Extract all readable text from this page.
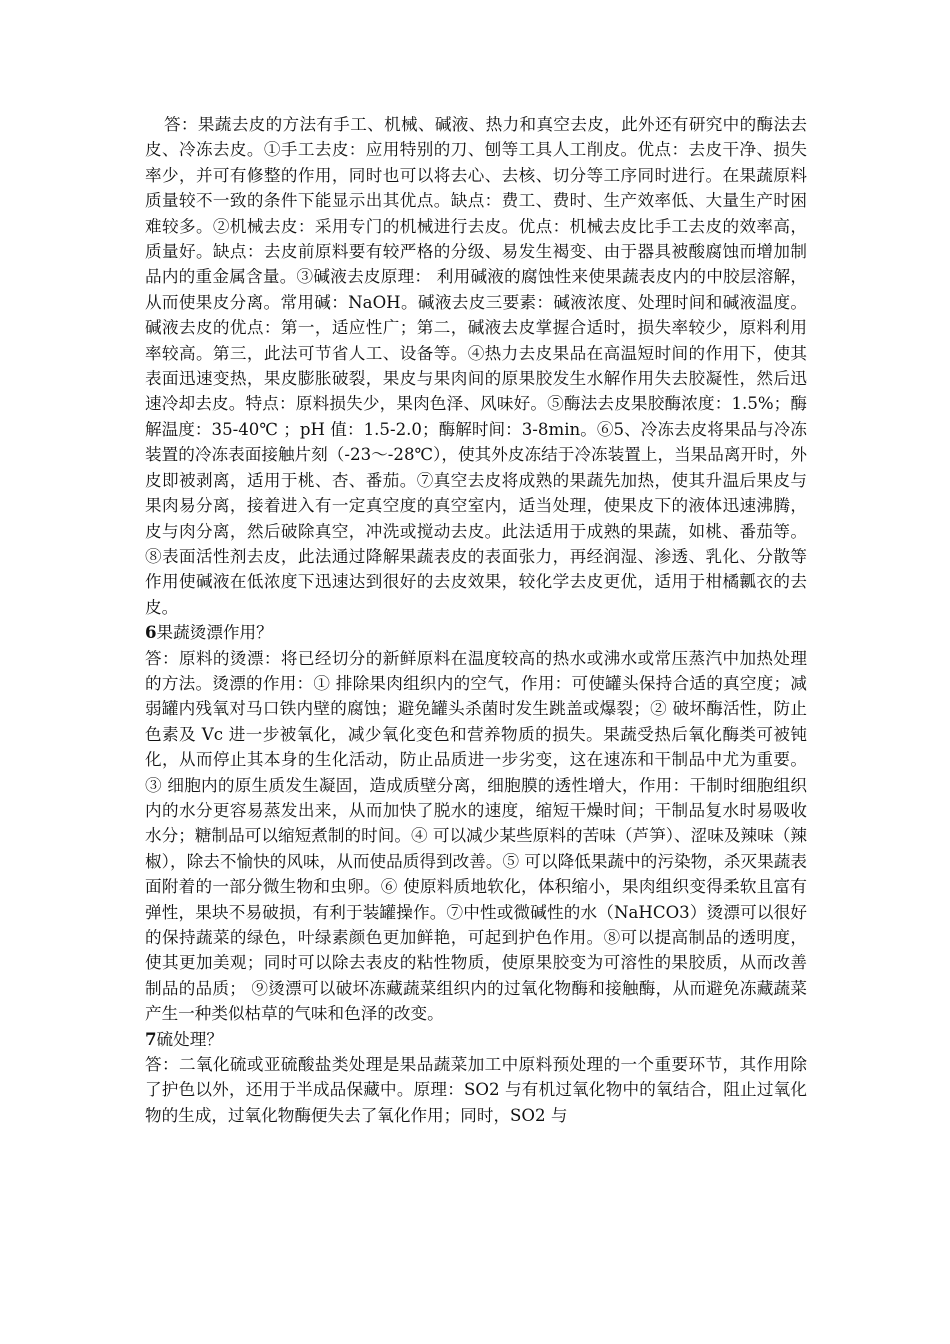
答：果蔬去皮的方法有手工、机械、碱液、热力和真空去皮，此外还有研究中的酶法去皮、冷冻去皮。①手工去皮：应用特别的刀、刨等工具人工削皮。优点：去皮干净、损失率少，并可有修整的作用，同时也可以将去心、去核、切分等工序同时进行。在果蔬原料质量较不一致的条件下能显示出其优点。缺点：费工、费时、生产效率低、大量生产时困难较多。②机械去皮：采用专门的机械进行去皮。优点：机械去皮比手工去皮的效率高，质量好。缺点：去皮前原料要有较严格的分级、易发生褐变、由于器具被酸腐蚀而增加制品内的重金属含量。③碱液去皮原理： 利用碱液的腐蚀性来使果蔬表皮内的中胶层溶解，从而使果皮分离。常用碱：NaOH。碱液去皮三要素：碱液浓度、处理时间和碱液温度。碱液去皮的优点：第一，适应性广；第二，碱液去皮掌握合适时，损失率较少，原料利用率较高。第三，此法可节省人工、设备等。④热力去皮果品在高温短时间的作用下，使其表面迅速变热，果皮膨胀破裂，果皮与果肉间的原果胶发生水解作用失去胶凝性，然后迅速冷却去皮。特点：原料损失少，果肉色泽、风味好。⑤酶法去皮果胶酶浓度：1.5%；酶解温度：35-40℃ ；pH 值：1.5-2.0；酶解时间：3-8min。⑥5、冷冻去皮将果品与冷冻装置的冷冻表面接触片刻（-23～-28℃），使其外皮冻结于冷冻装置上，当果品离开时，外皮即被剥离，适用于桃、杏、番茄。⑦真空去皮将成熟的果蔬先加热，使其升温后果皮与果肉易分离，接着进入有一定真空度的真空室内，适当处理，使果皮下的液体迅速沸腾，皮与肉分离，然后破除真空，冲洗或搅动去皮。此法适用于成熟的果蔬，如桃、番茄等。⑧表面活性剂去皮，此法通过降解果蔬表皮的表面张力，再经润湿、渗透、乳化、分散等作用使碱液在低浓度下迅速达到很好的去皮效果，较化学去皮更优，适用于柑橘瓤衣的去皮。

6果蔬烫漂作用？

答：原料的烫漂：将已经切分的新鲜原料在温度较高的热水或沸水或常压蒸汽中加热处理的方法。烫漂的作用：① 排除果肉组织内的空气，作用：可使罐头保持合适的真空度；减弱罐内残氧对马口铁内壁的腐蚀；避免罐头杀菌时发生跳盖或爆裂；② 破坏酶活性，防止色素及 Vc 进一步被氧化，减少氧化变色和营养物质的损失。果蔬受热后氧化酶类可被钝化，从而停止其本身的生化活动，防止品质进一步劣变，这在速冻和干制品中尤为重要。③ 细胞内的原生质发生凝固，造成质壁分离，细胞膜的透性增大，作用：干制时细胞组织内的水分更容易蒸发出来，从而加快了脱水的速度，缩短干燥时间；干制品复水时易吸收水分；糖制品可以缩短煮制的时间。④ 可以减少某些原料的苦味（芦笋）、涩味及辣味（辣椒），除去不愉快的风味，从而使品质得到改善。⑤ 可以降低果蔬中的污染物，杀灭果蔬表面附着的一部分微生物和虫卵。⑥ 使原料质地软化，体积缩小，果肉组织变得柔软且富有弹性，果块不易破损，有利于装罐操作。⑦中性或微碱性的水（NaHCO3）烫漂可以很好的保持蔬菜的绿色，叶绿素颜色更加鲜艳，可起到护色作用。⑧可以提高制品的透明度，使其更加美观；同时可以除去表皮的粘性物质，使原果胶变为可溶性的果胶质，从而改善制品的品质； ⑨烫漂可以破坏冻藏蔬菜组织内的过氧化物酶和接触酶，从而避免冻藏蔬菜产生一种类似枯草的气味和色泽的改变。

7硫处理？

答：二氧化硫或亚硫酸盐类处理是果品蔬菜加工中原料预处理的一个重要环节，其作用除了护色以外，还用于半成品保藏中。原理：SO2 与有机过氧化物中的氧结合，阻止过氧化物的生成，过氧化物酶便失去了氧化作用；同时，SO2 与
